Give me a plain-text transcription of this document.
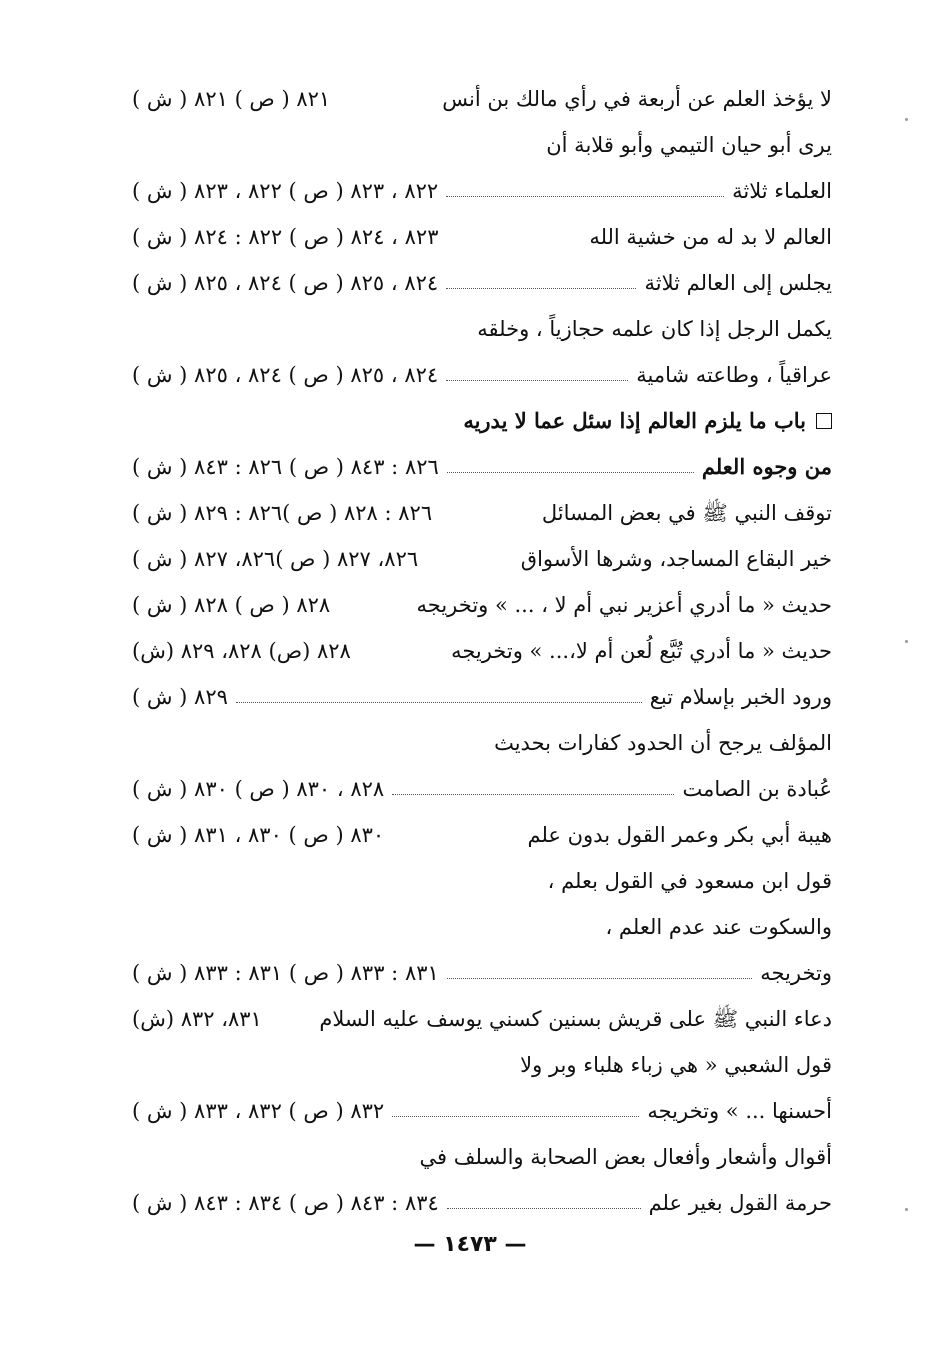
لا يؤخذ العلم عن أربعة في رأي مالك بن أنس
٨٢١ ( ص ) ٨٢١ ( ش )
يرى أبو حيان التيمي وأبو قلابة أن
العلماء ثلاثة
٨٢٢ ، ٨٢٣ ( ص ) ٨٢٢ ، ٨٢٣ ( ش )
العالم لا بد له من خشية الله
٨٢٣ ، ٨٢٤ ( ص ) ٨٢٢ : ٨٢٤ ( ش )
يجلس إلى العالم ثلاثة
٨٢٤ ، ٨٢٥ ( ص ) ٨٢٤ ، ٨٢٥ ( ش )
يكمل الرجل إذا كان علمه حجازياً ، وخلقه
عراقياً ، وطاعته شامية
٨٢٤ ، ٨٢٥ ( ص ) ٨٢٤ ، ٨٢٥ ( ش )
باب ما يلزم العالم إذا سئل عما لا يدريه
من وجوه العلم
٨٢٦ : ٨٤٣ ( ص ) ٨٢٦ : ٨٤٣ ( ش )
توقف النبي ﷺ في بعض المسائل
٨٢٦ : ٨٢٨ ( ص )٨٢٦ : ٨٢٩ ( ش )
خير البقاع المساجد، وشرها الأسواق
٨٢٦، ٨٢٧ ( ص )٨٢٦، ٨٢٧ ( ش )
حديث « ما أدري أعزير نبي أم لا ، ... » وتخريجه
٨٢٨ ( ص ) ٨٢٨ ( ش )
حديث « ما أدري تُبَّع لُعن أم لا،... » وتخريجه
٨٢٨ (ص) ٨٢٨، ٨٢٩ (ش)
ورود الخبر بإسلام تبع
٨٢٩ ( ش )
المؤلف يرجح أن الحدود كفارات بحديث
عُبادة بن الصامت
٨٢٨ ، ٨٣٠ ( ص ) ٨٣٠ ( ش )
هيبة أبي بكر وعمر القول بدون علم
٨٣٠ ( ص ) ٨٣٠ ، ٨٣١ ( ش )
قول ابن مسعود في القول بعلم ،
والسكوت عند عدم العلم ،
وتخريجه
٨٣١ : ٨٣٣ ( ص ) ٨٣١ : ٨٣٣ ( ش )
دعاء النبي ﷺ على قريش بسنين كسني يوسف عليه السلام
٨٣١، ٨٣٢ (ش)
قول الشعبي « هي زباء هلباء وبر ولا
أحسنها ... » وتخريجه
٨٣٢ ( ص ) ٨٣٢ ، ٨٣٣ ( ش )
أقوال وأشعار وأفعال بعض الصحابة والسلف في
حرمة القول بغير علم
٨٣٤ : ٨٤٣ ( ص ) ٨٣٤ : ٨٤٣ ( ش )
— ١٤٧٣ —
